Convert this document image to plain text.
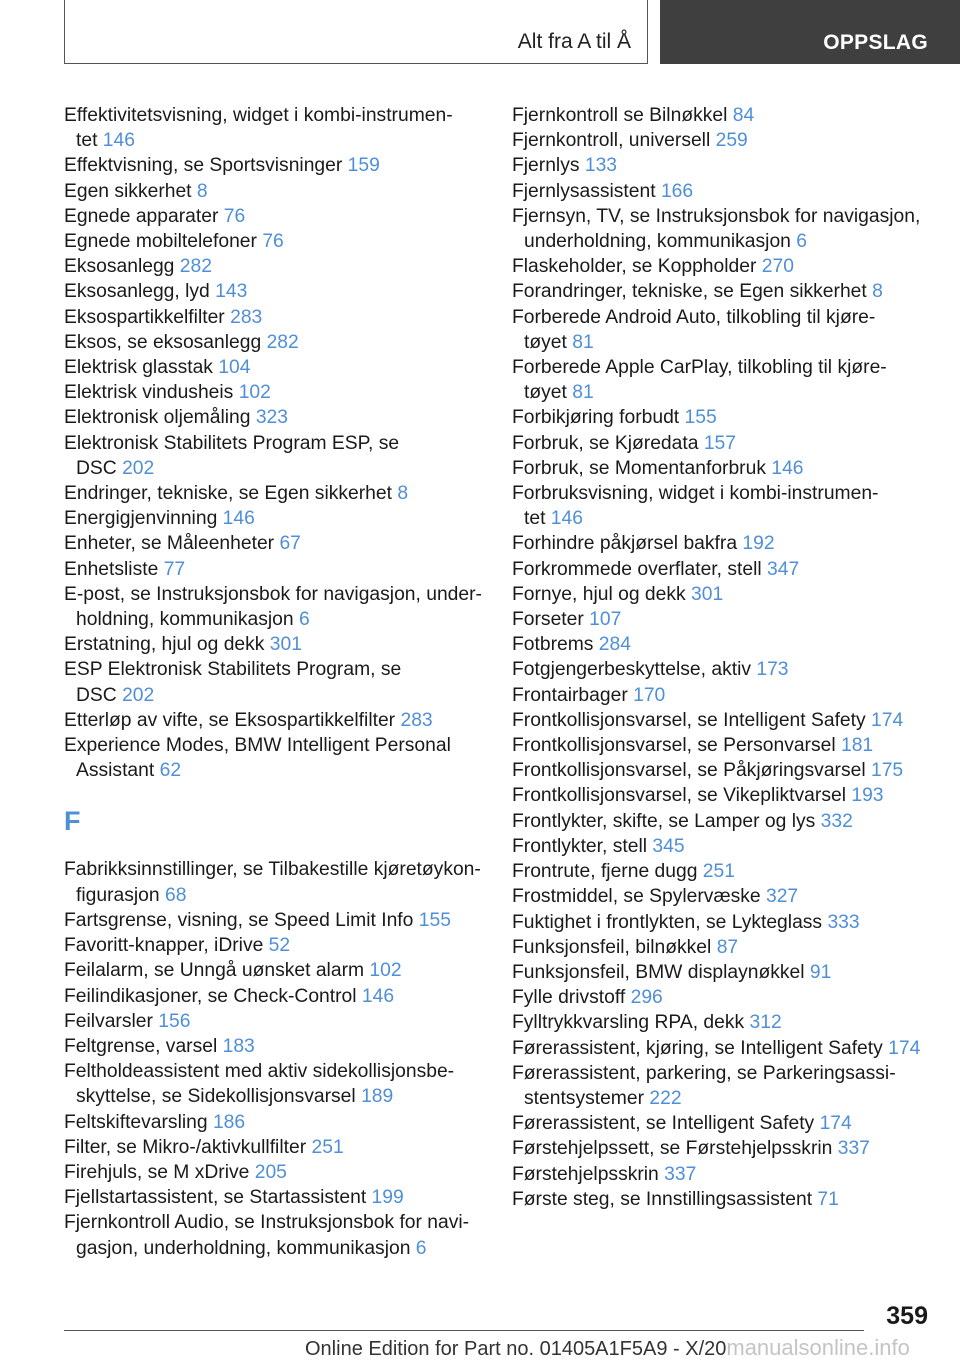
Alt fra A til Å	OPPSLAG
Effektivitetsvisning, widget i kombi-instrumen-
tet 146
Effektvisning, se Sportsvisninger 159
Egen sikkerhet 8
Egnede apparater 76
Egnede mobiltelefoner 76
Eksosanlegg 282
Eksosanlegg, lyd 143
Eksospartikkelfilter 283
Eksos, se eksosanlegg 282
Elektrisk glasstak 104
Elektrisk vindusheis 102
Elektronisk oljemåling 323
Elektronisk Stabilitets Program ESP, se
DSC 202
Endringer, tekniske, se Egen sikkerhet 8
Energigjenvinning 146
Enheter, se Måleenheter 67
Enhetsliste 77
E-post, se Instruksjonsbok for navigasjon, under-
holdning, kommunikasjon 6
Erstatning, hjul og dekk 301
ESP Elektronisk Stabilitets Program, se
DSC 202
Etterløp av vifte, se Eksospartikkelfilter 283
Experience Modes, BMW Intelligent Personal
Assistant 62
F
Fabrikksinnstillinger, se Tilbakestille kjøretøykon-
figurasjon 68
Fartsgrense, visning, se Speed Limit Info 155
Favoritt-knapper, iDrive 52
Feilalarm, se Unngå uønsket alarm 102
Feilindikasjoner, se Check-Control 146
Feilvarsler 156
Feltgrense, varsel 183
Feltholdeassistent med aktiv sidekollisjonsbe-
skyttelse, se Sidekollisjonsvarsel 189
Feltskiftevarsling 186
Filter, se Mikro-/aktivkullfilter 251
Firehjuls, se M xDrive 205
Fjellstartassistent, se Startassistent 199
Fjernkontroll Audio, se Instruksjonsbok for navi-
gasjon, underholdning, kommunikasjon 6
Fjernkontroll se Bilnøkkel 84
Fjernkontroll, universell 259
Fjernlys 133
Fjernlysassistent 166
Fjernsyn, TV, se Instruksjonsbok for navigasjon,
underholdning, kommunikasjon 6
Flaskeholder, se Koppholder 270
Forandringer, tekniske, se Egen sikkerhet 8
Forberede Android Auto, tilkobling til kjøre-
tøyet 81
Forberede Apple CarPlay, tilkobling til kjøre-
tøyet 81
Forbikjøring forbudt 155
Forbruk, se Kjøredata 157
Forbruk, se Momentanforbruk 146
Forbruksvisning, widget i kombi-instrumen-
tet 146
Forhindre påkjørsel bakfra 192
Forkrommede overflater, stell 347
Fornye, hjul og dekk 301
Forseter 107
Fotbrems 284
Fotgjengerbeskyttelse, aktiv 173
Frontairbager 170
Frontkollisjonsvarsel, se Intelligent Safety 174
Frontkollisjonsvarsel, se Personvarsel 181
Frontkollisjonsvarsel, se Påkjøringsvarsel 175
Frontkollisjonsvarsel, se Vikepliktvarsel 193
Frontlykter, skifte, se Lamper og lys 332
Frontlykter, stell 345
Frontrute, fjerne dugg 251
Frostmiddel, se Spylervæske 327
Fuktighet i frontlykten, se Lykteglass 333
Funksjonsfeil, bilnøkkel 87
Funksjonsfeil, BMW displaynøkkel 91
Fylle drivstoff 296
Fylltrykkvarsling RPA, dekk 312
Førerassistent, kjøring, se Intelligent Safety 174
Førerassistent, parkering, se Parkeringsassi-
stentsystemer 222
Førerassistent, se Intelligent Safety 174
Førstehjelpssett, se Førstehjelpsskrin 337
Førstehjelpsskrin 337
Første steg, se Innstillingsassistent 71
359
Online Edition for Part no. 01405A1F5A9 - X/20manualsonline.info
